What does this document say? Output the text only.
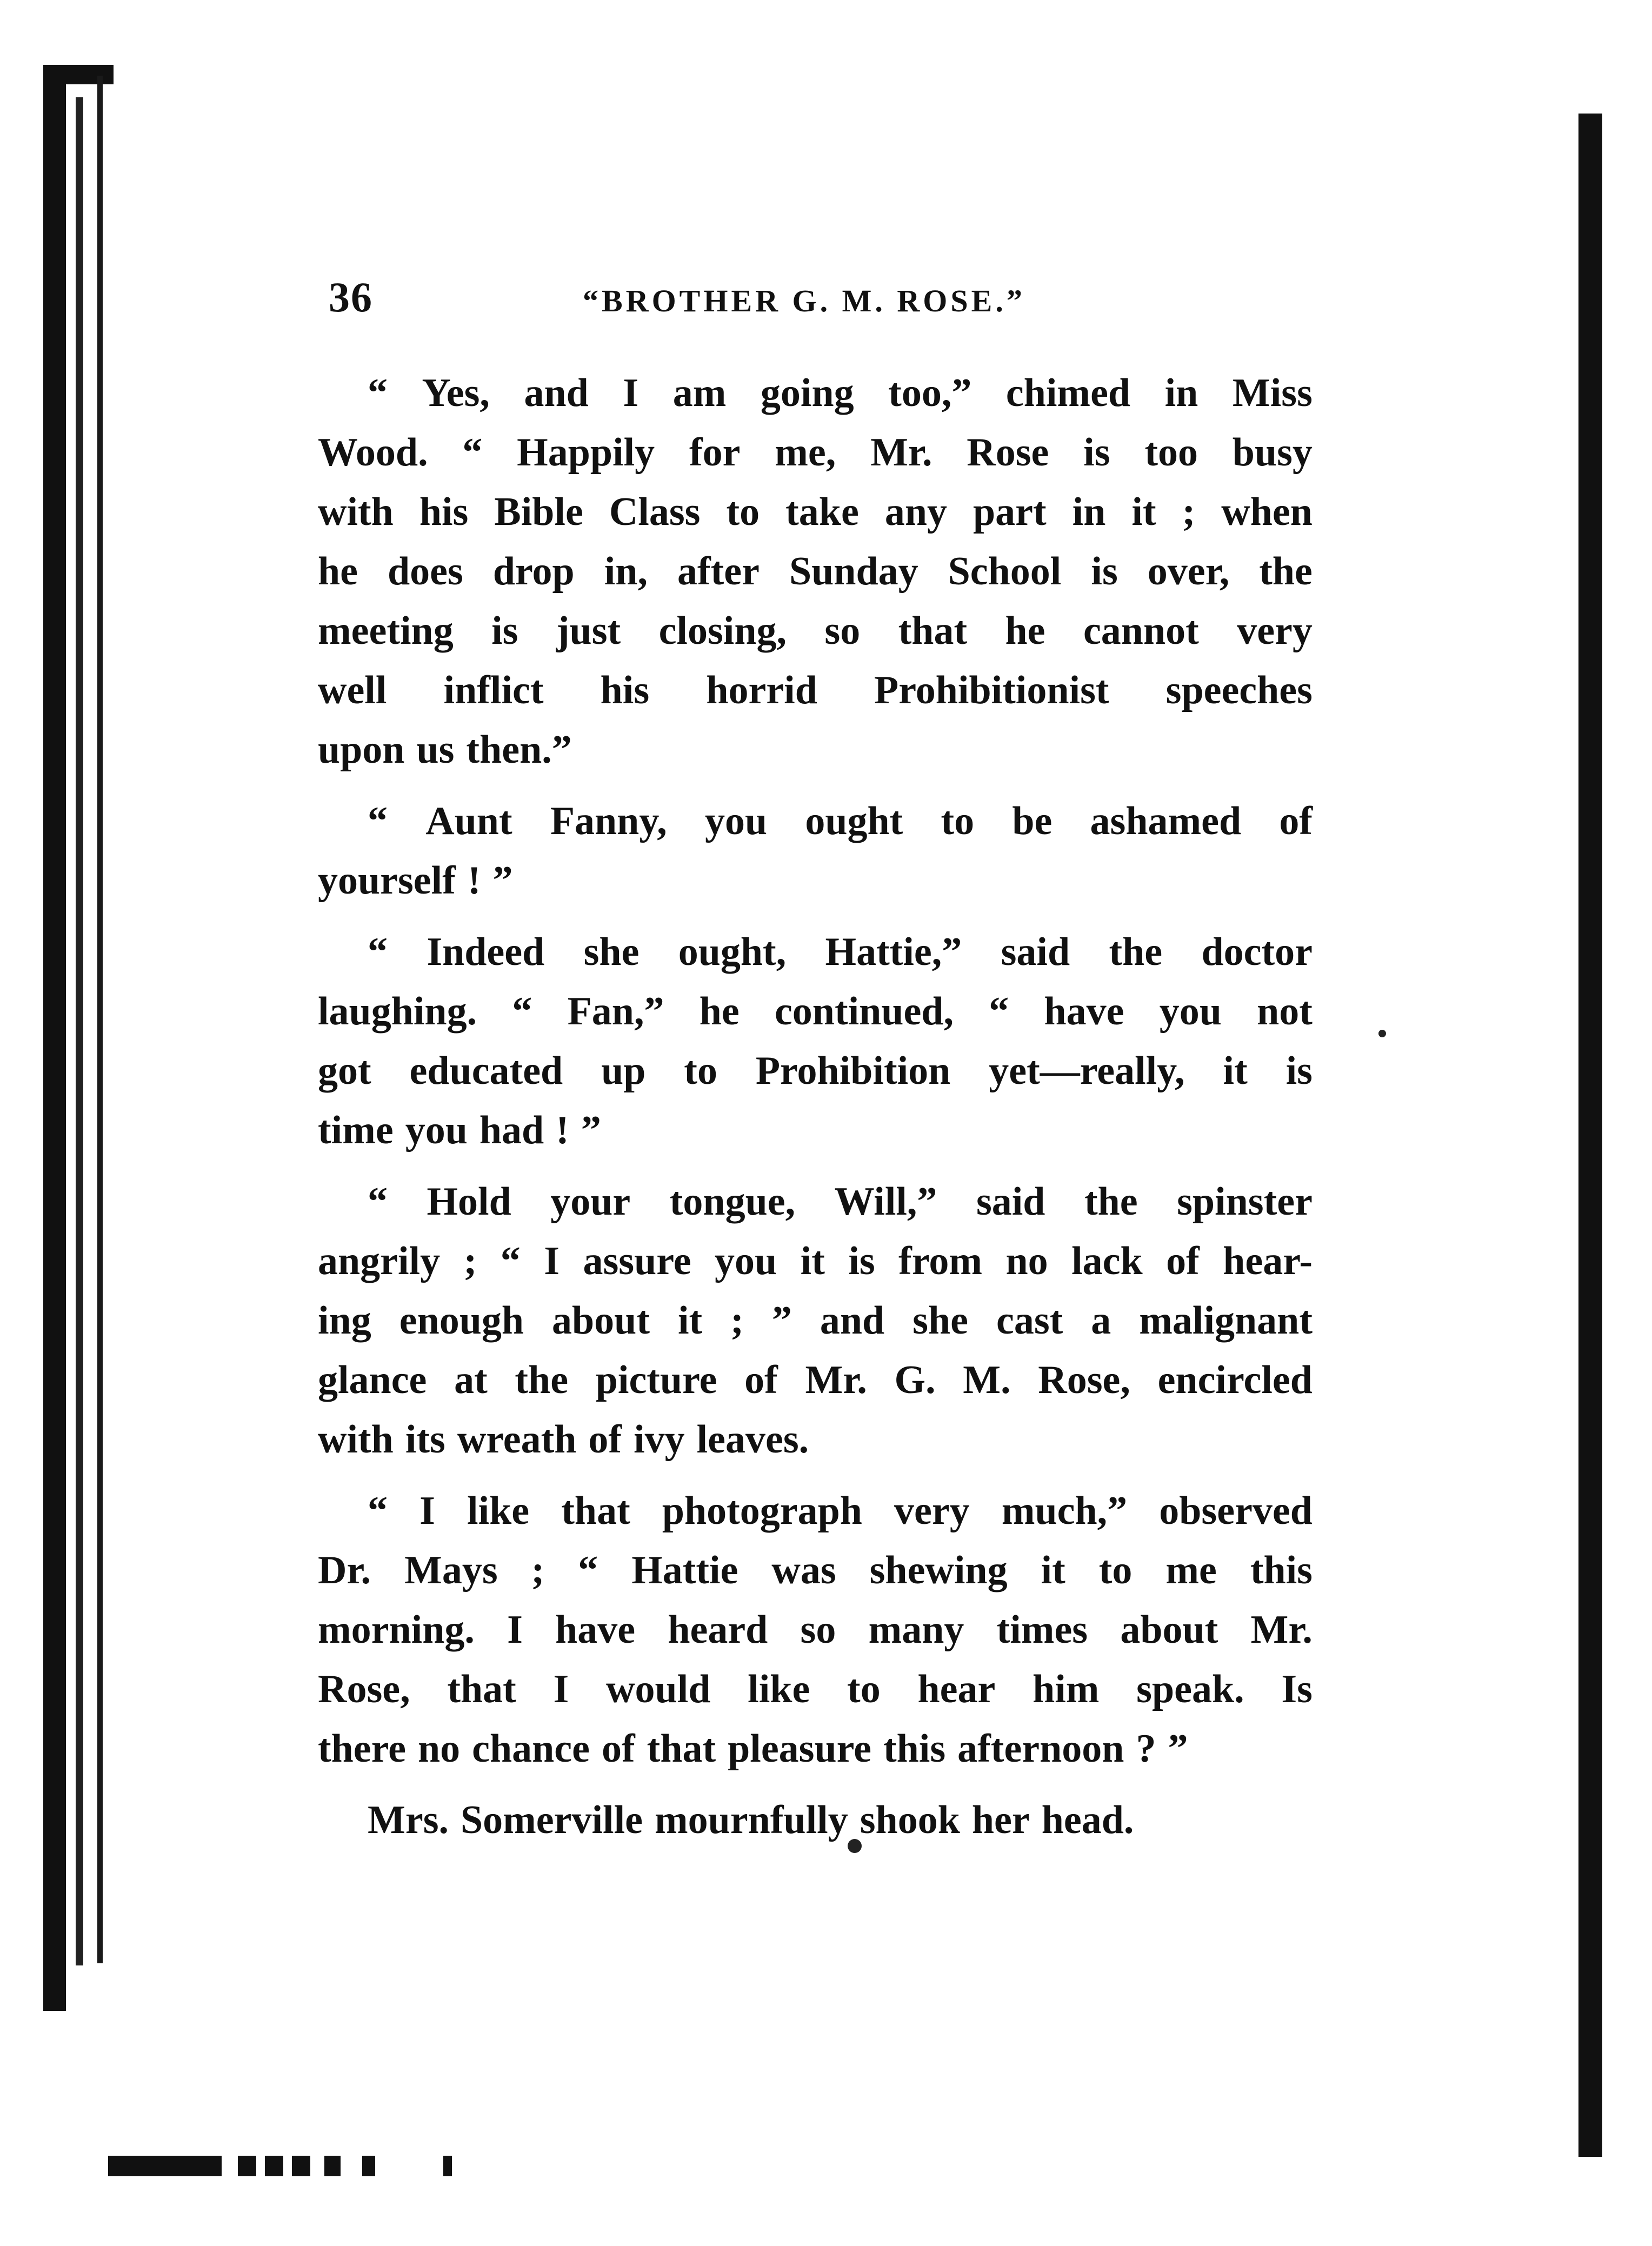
36	“BROTHER G. M. ROSE.”
“ Yes, and I am going too,” chimed in Miss
Wood. “ Happily for me, Mr. Rose is too busy
with his Bible Class to take any part in it ; when
he does drop in, after Sunday School is over, the
meeting is just closing, so that he cannot very
well inflict his horrid Prohibitionist speeches
upon us then.”
“ Aunt Fanny, you ought to be ashamed of
yourself ! ”
“ Indeed she ought, Hattie,” said the doctor
laughing. “ Fan,” he continued, “ have you not
got educated up to Prohibition yet—really, it is
time you had ! ”
“ Hold your tongue, Will,” said the spinster
angrily ; “ I assure you it is from no lack of hear-
ing enough about it ; ” and she cast a malignant
glance at the picture of Mr. G. M. Rose, encircled
with its wreath of ivy leaves.
“ I like that photograph very much,” observed
Dr. Mays ; “ Hattie was shewing it to me this
morning. I have heard so many times about Mr.
Rose, that I would like to hear him speak. Is
there no chance of that pleasure this afternoon ? ”
Mrs. Somerville mournfully shook her head.
